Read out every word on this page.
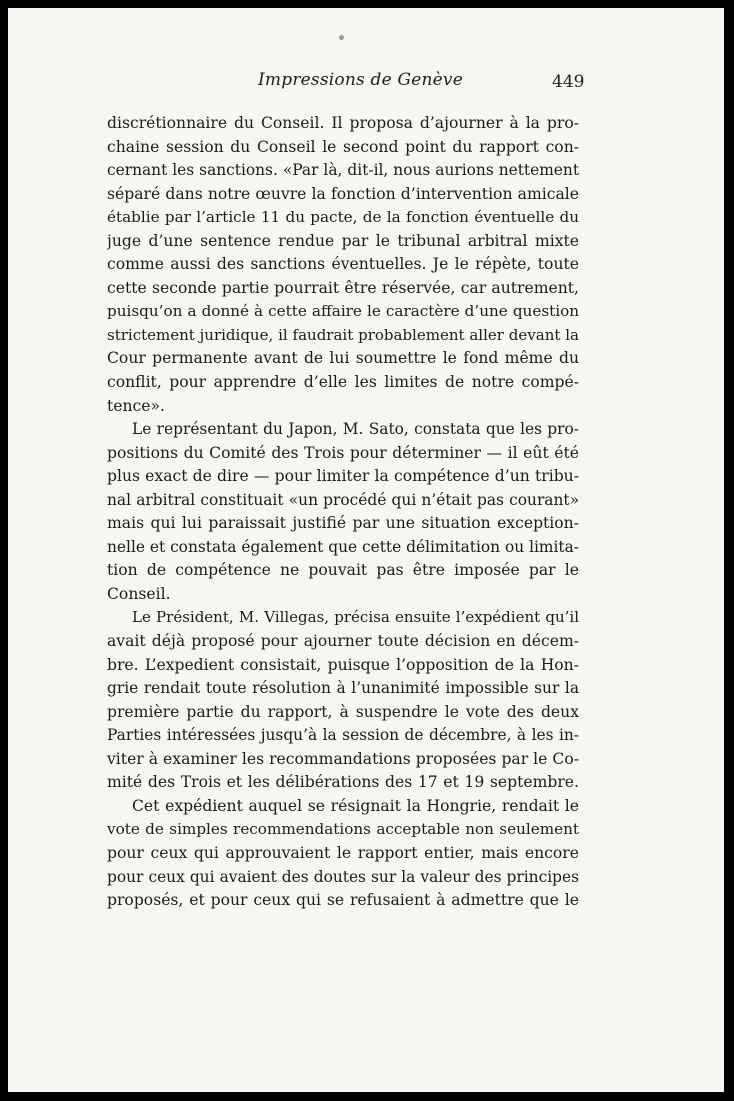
Impressions de Genève	449
discrétionnaire du Conseil. Il proposa d’ajourner à la pro-
chaine session du Conseil le second point du rapport con-
cernant les sanctions. «Par là, dit-il, nous aurions nettement
séparé dans notre œuvre la fonction d’intervention amicale
établie par l’article 11 du pacte, de la fonction éventuelle du
juge d’une sentence rendue par le tribunal arbitral mixte
comme aussi des sanctions éventuelles. Je le répète, toute
cette seconde partie pourrait être réservée, car autrement,
puisqu’on a donné à cette affaire le caractère d’une question
strictement juridique, il faudrait probablement aller devant la
Cour permanente avant de lui soumettre le fond même du
conflit, pour apprendre d’elle les limites de notre compé-
tence».
Le représentant du Japon, M. Sato, constata que les pro-
positions du Comité des Trois pour déterminer — il eût été
plus exact de dire — pour limiter la compétence d’un tribu-
nal arbitral constituait «un procédé qui n’était pas courant»
mais qui lui paraissait justifié par une situation exception-
nelle et constata également que cette délimitation ou limita-
tion de compétence ne pouvait pas être imposée par le
Conseil.
Le Président, M. Villegas, précisa ensuite l’expédient qu’il
avait déjà proposé pour ajourner toute décision en décem-
bre. L’expedient consistait, puisque l’opposition de la Hon-
grie rendait toute résolution à l’unanimité impossible sur la
première partie du rapport, à suspendre le vote des deux
Parties intéressées jusqu’à la session de décembre, à les in-
viter à examiner les recommandations proposées par le Co-
mité des Trois et les délibérations des 17 et 19 septembre.
Cet expédient auquel se résignait la Hongrie, rendait le
vote de simples recommendations acceptable non seulement
pour ceux qui approuvaient le rapport entier, mais encore
pour ceux qui avaient des doutes sur la valeur des principes
proposés, et pour ceux qui se refusaient à admettre que le
